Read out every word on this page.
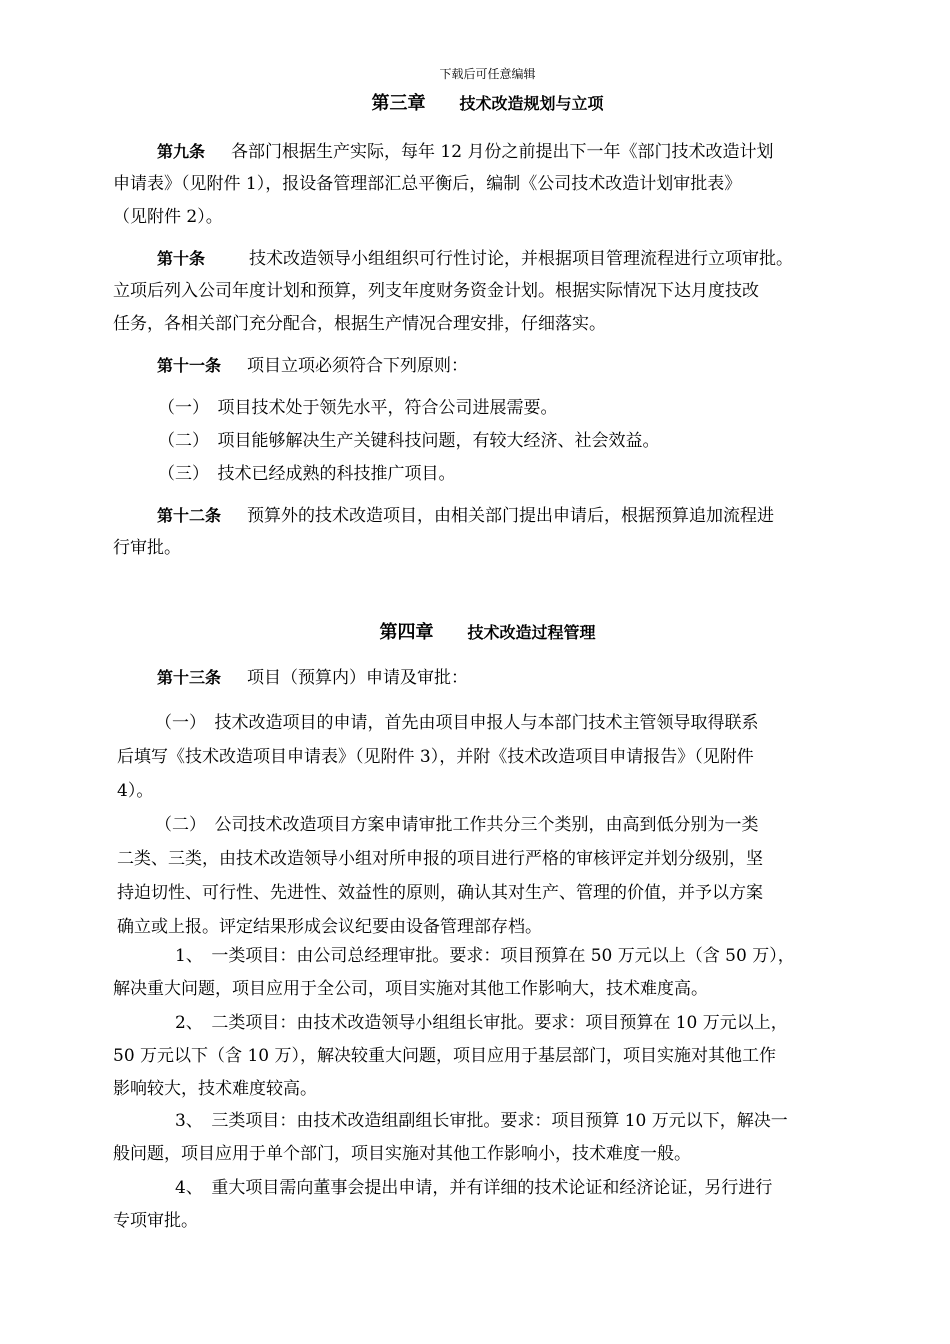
下载后可任意编辑
第三章 技术改造规划与立项
第九条 各部门根据生产实际，每年 12 月份之前提出下一年《部门技术改造计划
申请表》（见附件 1），报设备管理部汇总平衡后，编制《公司技术改造计划审批表》
（见附件 2）。
第十条	技术改造领导小组组织可行性讨论，并根据项目管理流程进行立项审批。
立项后列入公司年度计划和预算，列支年度财务资金计划。根据实际情况下达月度技改
任务，各相关部门充分配合，根据生产情况合理安排，仔细落实。
第十一条 项目立项必须符合下列原则：
（一）　项目技术处于领先水平，符合公司进展需要。
（二）　项目能够解决生产关键科技问题，有较大经济、社会效益。
（三）　技术已经成熟的科技推广项目。
第十二条 预算外的技术改造项目，由相关部门提出申请后，根据预算追加流程进
行审批。
第四章 技术改造过程管理
第十三条 项目（预算内）申请及审批：
（一）　技术改造项目的申请，首先由项目申报人与本部门技术主管领导取得联系
后填写《技术改造项目申请表》（见附件 3），并附《技术改造项目申请报告》（见附件
4）。
（二）　公司技术改造项目方案申请审批工作共分三个类别，由高到低分别为一类
二类、三类，由技术改造领导小组对所申报的项目进行严格的审核评定并划分级别，坚
持迫切性、可行性、先进性、效益性的原则，确认其对生产、管理的价值，并予以方案
确立或上报。评定结果形成会议纪要由设备管理部存档。
1、　一类项目：由公司总经理审批。要求：项目预算在 50 万元以上（含 50 万），
解决重大问题，项目应用于全公司，项目实施对其他工作影响大，技术难度高。
2、　二类项目：由技术改造领导小组组长审批。要求：项目预算在 10 万元以上，
50 万元以下（含 10 万），解决较重大问题，项目应用于基层部门，项目实施对其他工作
影响较大，技术难度较高。
3、　三类项目：由技术改造组副组长审批。要求：项目预算 10 万元以下，解决一
般问题，项目应用于单个部门，项目实施对其他工作影响小，技术难度一般。
4、　重大项目需向董事会提出申请，并有详细的技术论证和经济论证，另行进行
专项审批。
